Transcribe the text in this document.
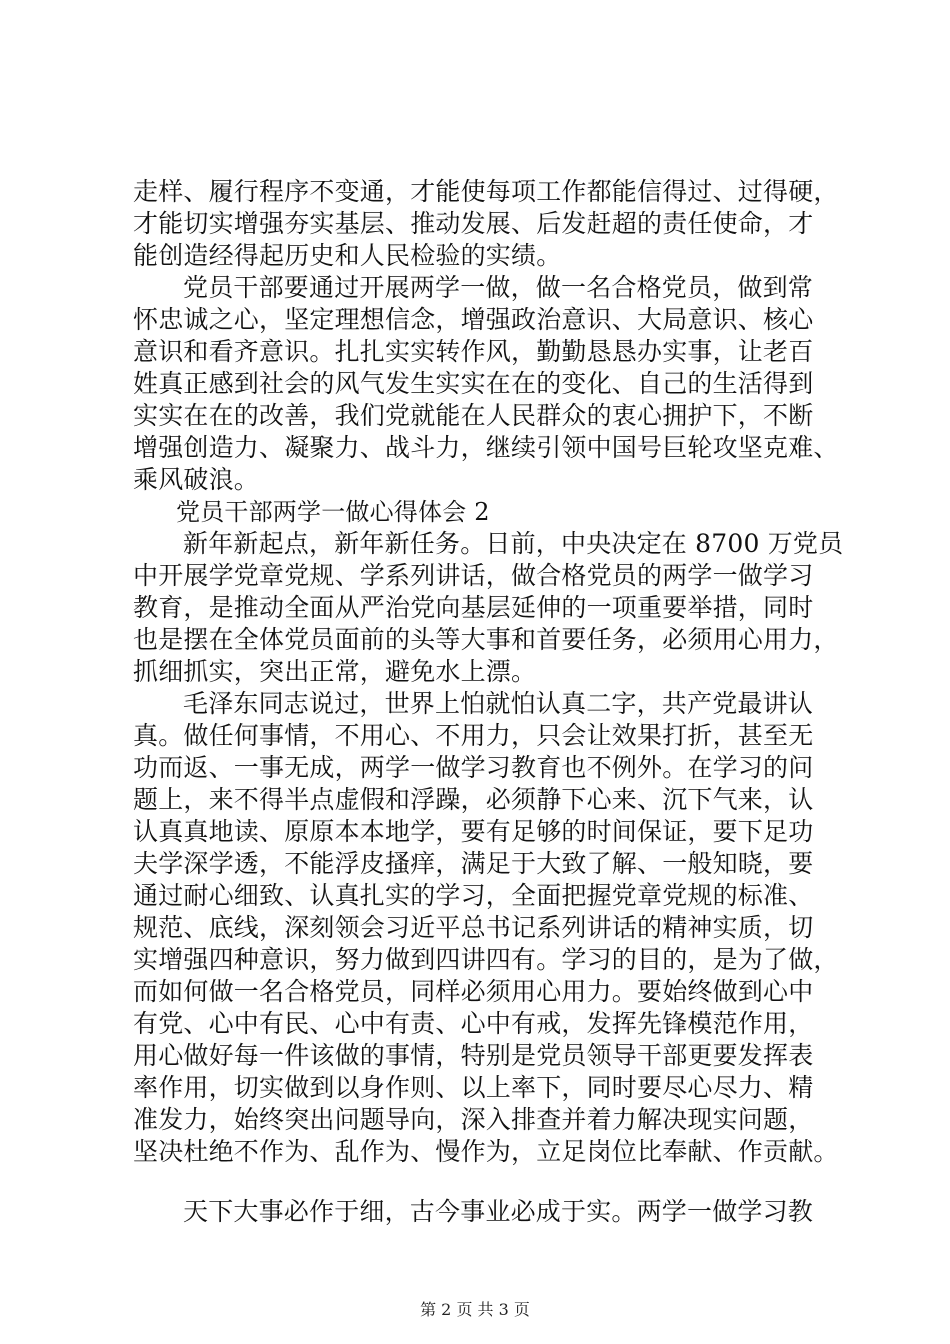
走样、履行程序不变通，才能使每项工作都能信得过、过得硬，
才能切实增强夯实基层、推动发展、后发赶超的责任使命，才
能创造经得起历史和人民检验的实绩。
党员干部要通过开展两学一做，做一名合格党员，做到常
怀忠诚之心，坚定理想信念，增强政治意识、大局意识、核心
意识和看齐意识。扎扎实实转作风，勤勤恳恳办实事，让老百
姓真正感到社会的风气发生实实在在的变化、自己的生活得到
实实在在的改善，我们党就能在人民群众的衷心拥护下，不断
增强创造力、凝聚力、战斗力，继续引领中国号巨轮攻坚克难、
乘风破浪。
党员干部两学一做心得体会 2
新年新起点，新年新任务。日前，中央决定在 8700 万党员
中开展学党章党规、学系列讲话，做合格党员的两学一做学习
教育，是推动全面从严治党向基层延伸的一项重要举措，同时
也是摆在全体党员面前的头等大事和首要任务，必须用心用力，
抓细抓实，突出正常，避免水上漂。
毛泽东同志说过，世界上怕就怕认真二字，共产党最讲认
真。做任何事情，不用心、不用力，只会让效果打折，甚至无
功而返、一事无成，两学一做学习教育也不例外。在学习的问
题上，来不得半点虚假和浮躁，必须静下心来、沉下气来，认
认真真地读、原原本本地学，要有足够的时间保证，要下足功
夫学深学透，不能浮皮搔痒，满足于大致了解、一般知晓，要
通过耐心细致、认真扎实的学习，全面把握党章党规的标准、
规范、底线，深刻领会习近平总书记系列讲话的精神实质，切
实增强四种意识，努力做到四讲四有。学习的目的，是为了做，
而如何做一名合格党员，同样必须用心用力。要始终做到心中
有党、心中有民、心中有责、心中有戒，发挥先锋模范作用，
用心做好每一件该做的事情，特别是党员领导干部更要发挥表
率作用，切实做到以身作则、以上率下，同时要尽心尽力、精
准发力，始终突出问题导向，深入排查并着力解决现实问题，
坚决杜绝不作为、乱作为、慢作为，立足岗位比奉献、作贡献。
天下大事必作于细，古今事业必成于实。两学一做学习教
第 2 页 共 3 页
